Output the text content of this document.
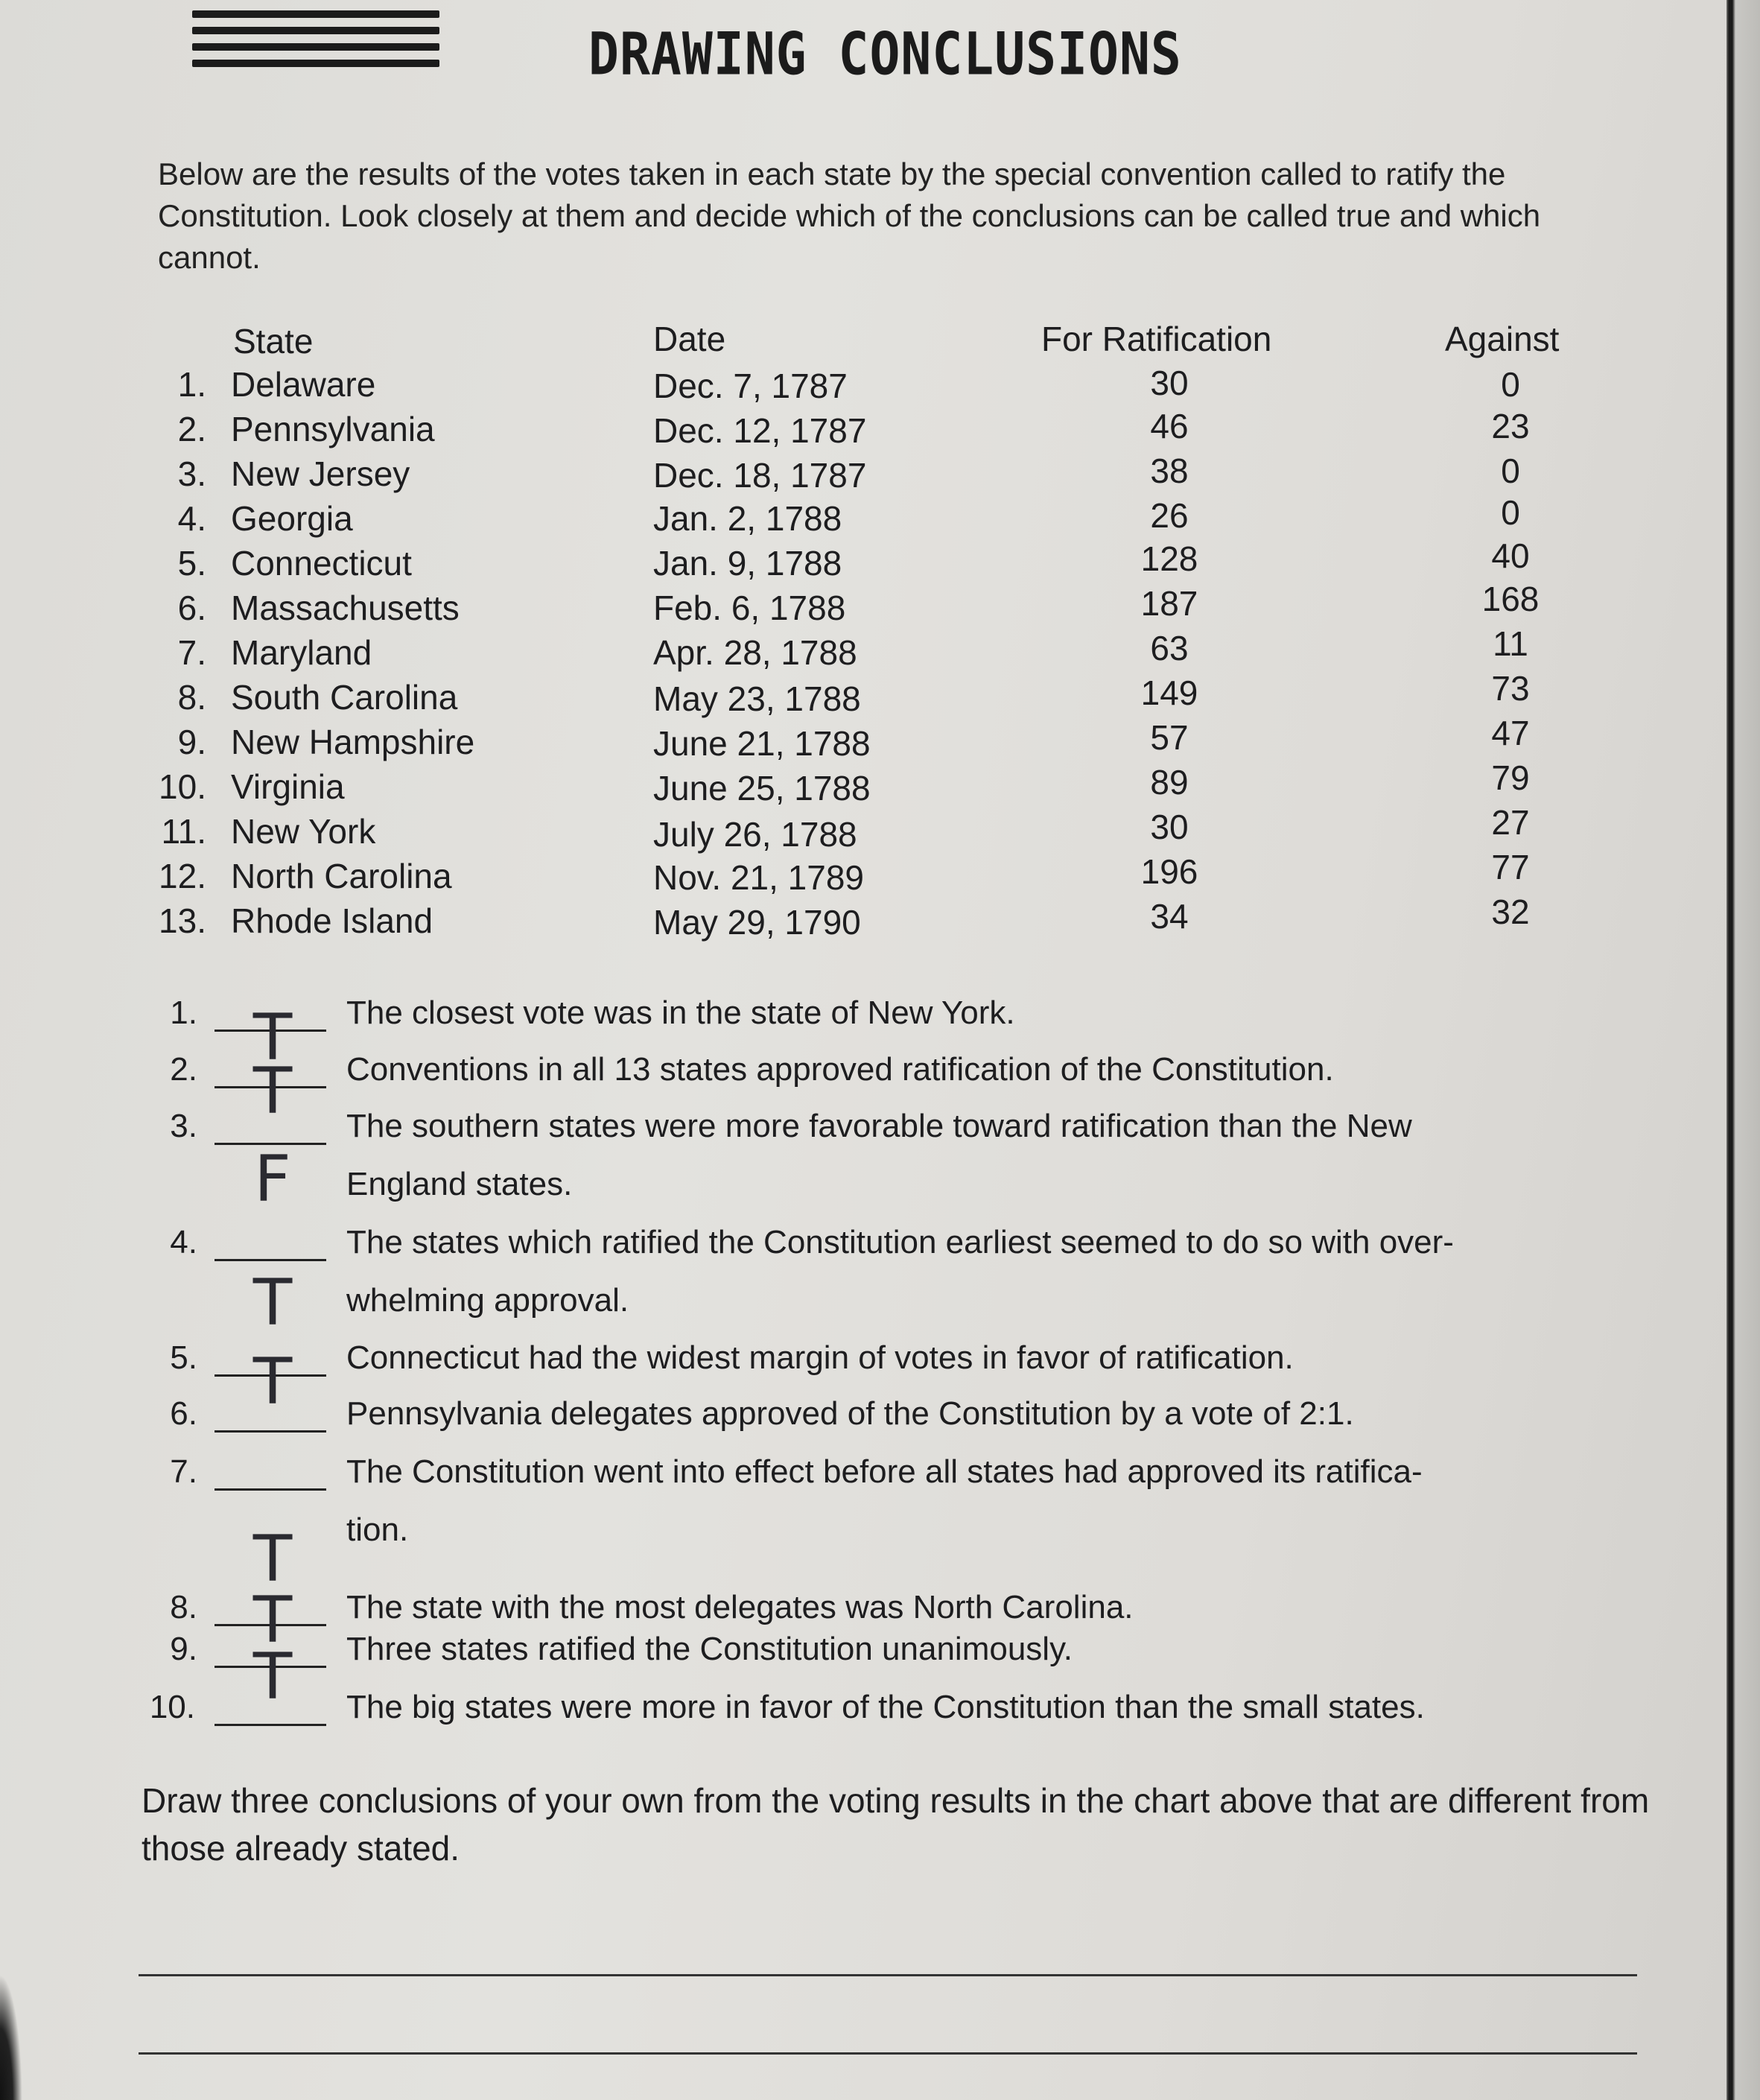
DRAWING CONCLUSIONS
Below are the results of the votes taken in each state by the special convention called to ratify the Constitution. Look closely at them and decide which of the conclusions can be called true and which cannot.
State	Date	For Ratification	Against
1. Delaware	Dec. 7, 1787	30	0
2. Pennsylvania	Dec. 12, 1787	46	23
3. New Jersey	Dec. 18, 1787	38	0
4. Georgia	Jan. 2, 1788	26	0
5. Connecticut	Jan. 9, 1788	128	40
6. Massachusetts	Feb. 6, 1788	187	168
7. Maryland	Apr. 28, 1788	63	11
8. South Carolina	May 23, 1788	149	73
9. New Hampshire	June 21, 1788	57	47
10. Virginia	June 25, 1788	89	79
11. New York	July 26, 1788	30	27
12. North Carolina	Nov. 21, 1789	196	77
13. Rhode Island	May 29, 1790	34	32
1.	The closest vote was in the state of New York.
2. T Conventions in all 13 states approved ratification of the Constitution.
3. T The southern states were more favorable toward ratification than the New
England states.
4.
F
The states which ratified the Constitution earliest seemed to do so with over-
whelming approval.
5.
T
Connecticut had the widest margin of votes in favor of ratification.
6. T Pennsylvania delegates approved of the Constitution by a vote of 2:1.
7.	The Constitution went into effect before all states had approved its ratifica-
tion.
8.
T
The state with the most delegates was North Carolina.
9. T Three states ratified the Constitution unanimously.
10. T The big states were more in favor of the Constitution than the small states.
Draw three conclusions of your own from the voting results in the chart above that are different from those already stated.
